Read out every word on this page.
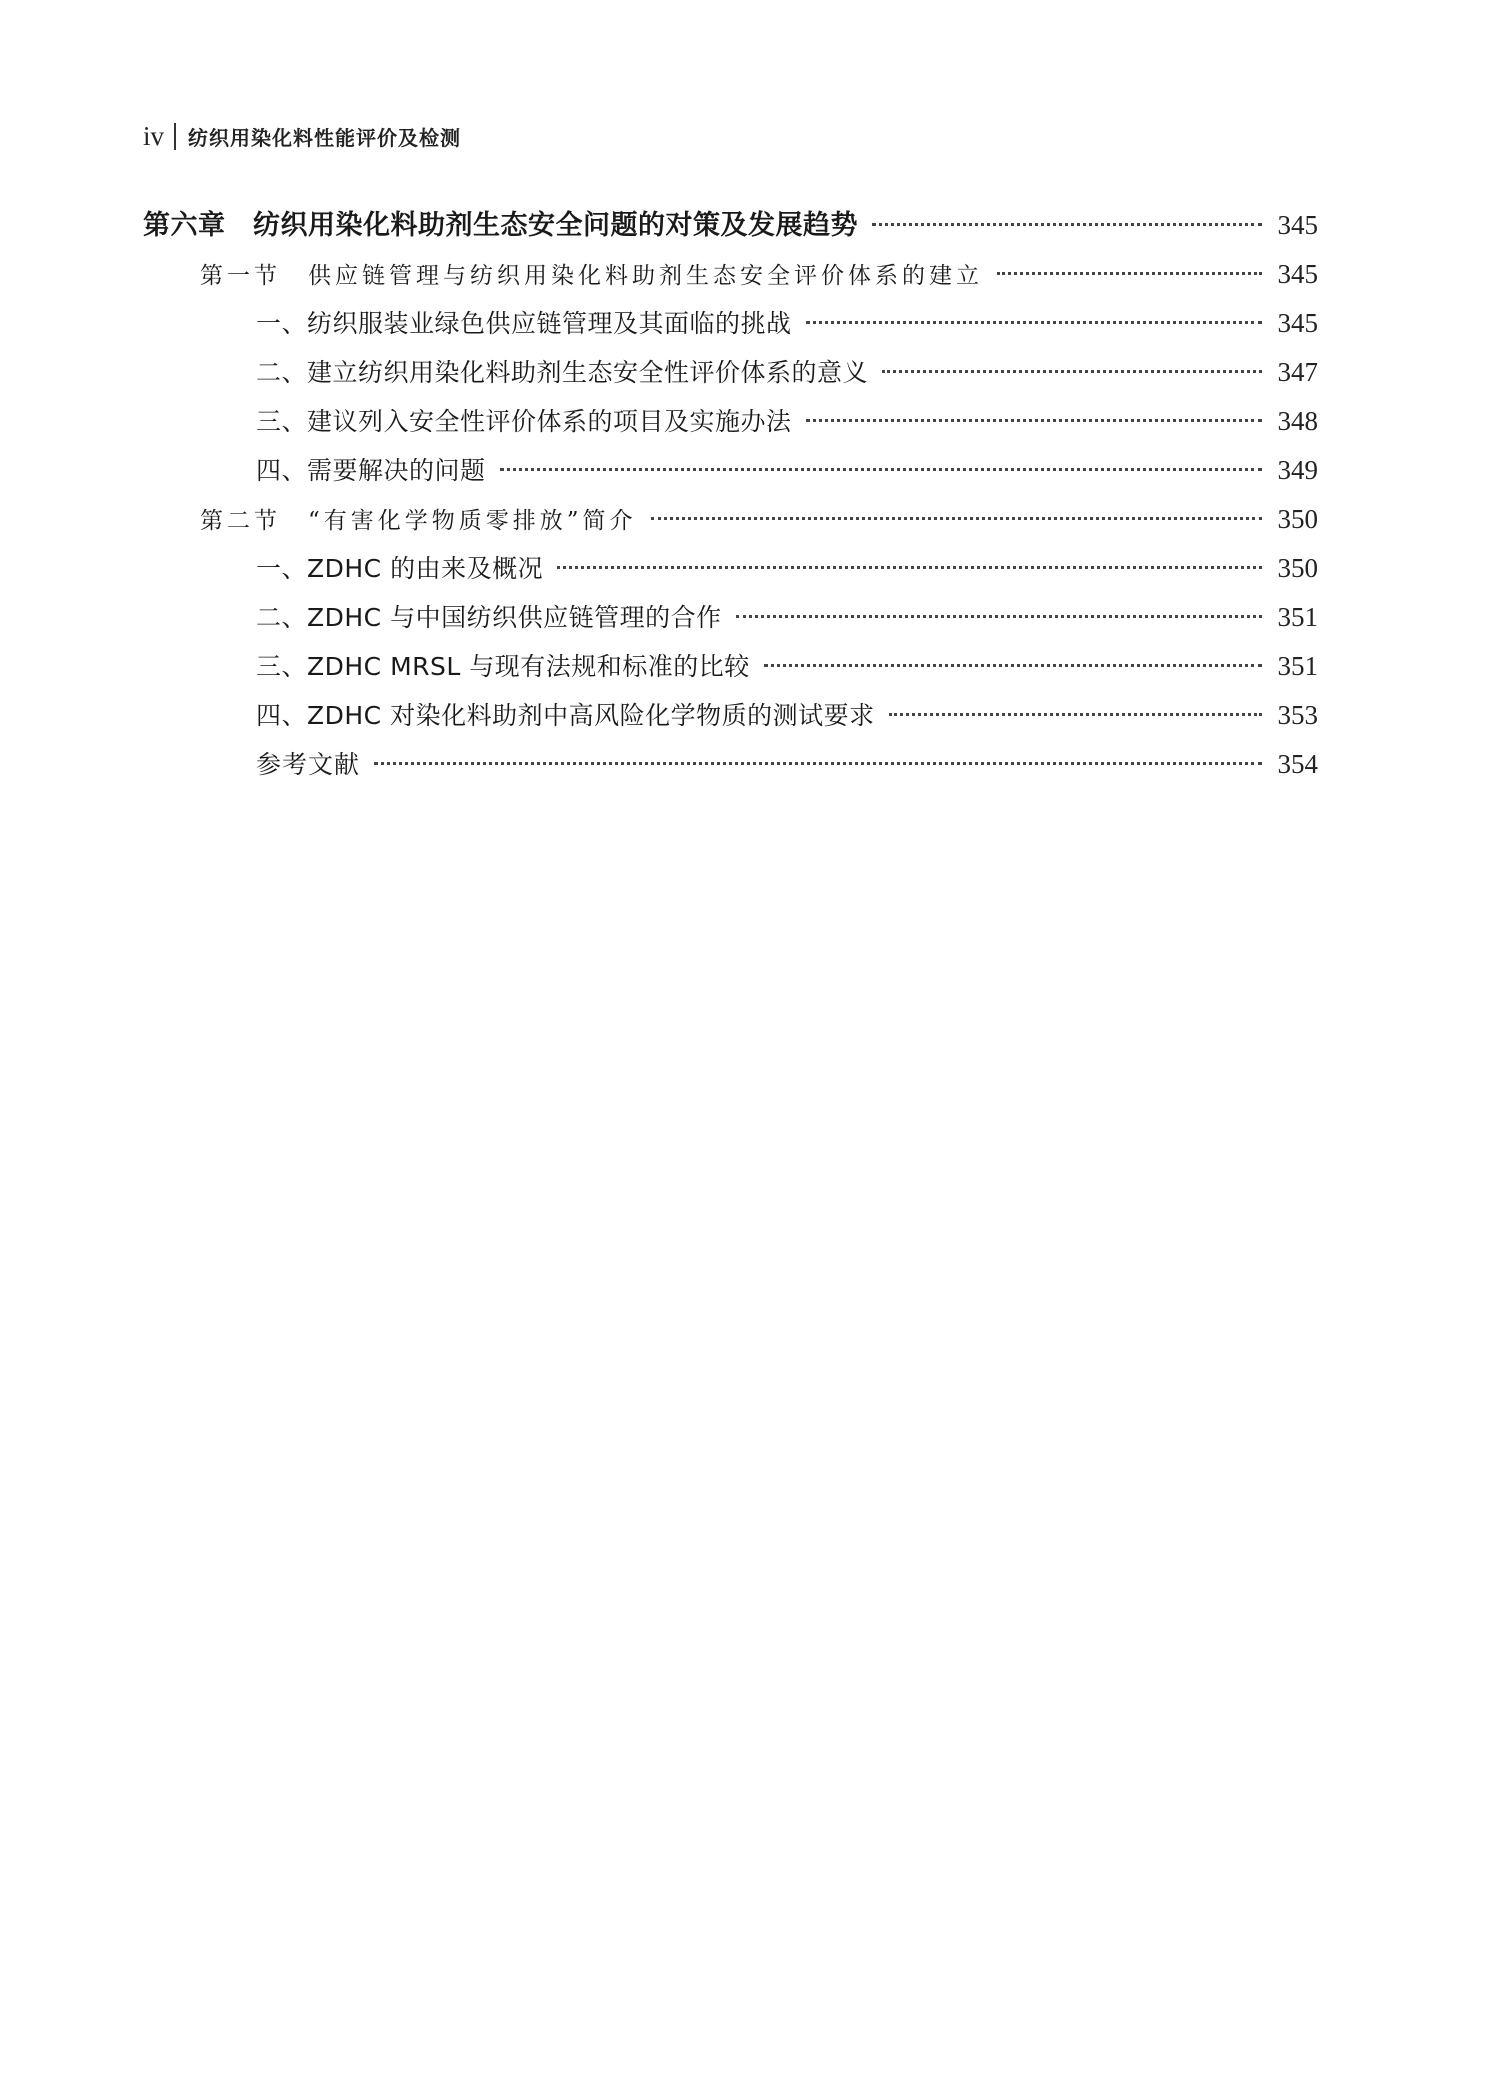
iv 纺织用染化料性能评价及检测
第六章　纺织用染化料助剂生态安全问题的对策及发展趋势	345
第一节　供应链管理与纺织用染化料助剂生态安全评价体系的建立	345
一、纺织服装业绿色供应链管理及其面临的挑战	345
二、建立纺织用染化料助剂生态安全性评价体系的意义	347
三、建议列入安全性评价体系的项目及实施办法	348
四、需要解决的问题	349
第二节　“有害化学物质零排放”简介	350
一、ZDHC 的由来及概况	350
二、ZDHC 与中国纺织供应链管理的合作	351
三、ZDHC MRSL 与现有法规和标准的比较	351
四、ZDHC 对染化料助剂中高风险化学物质的测试要求	353
参考文献	354
